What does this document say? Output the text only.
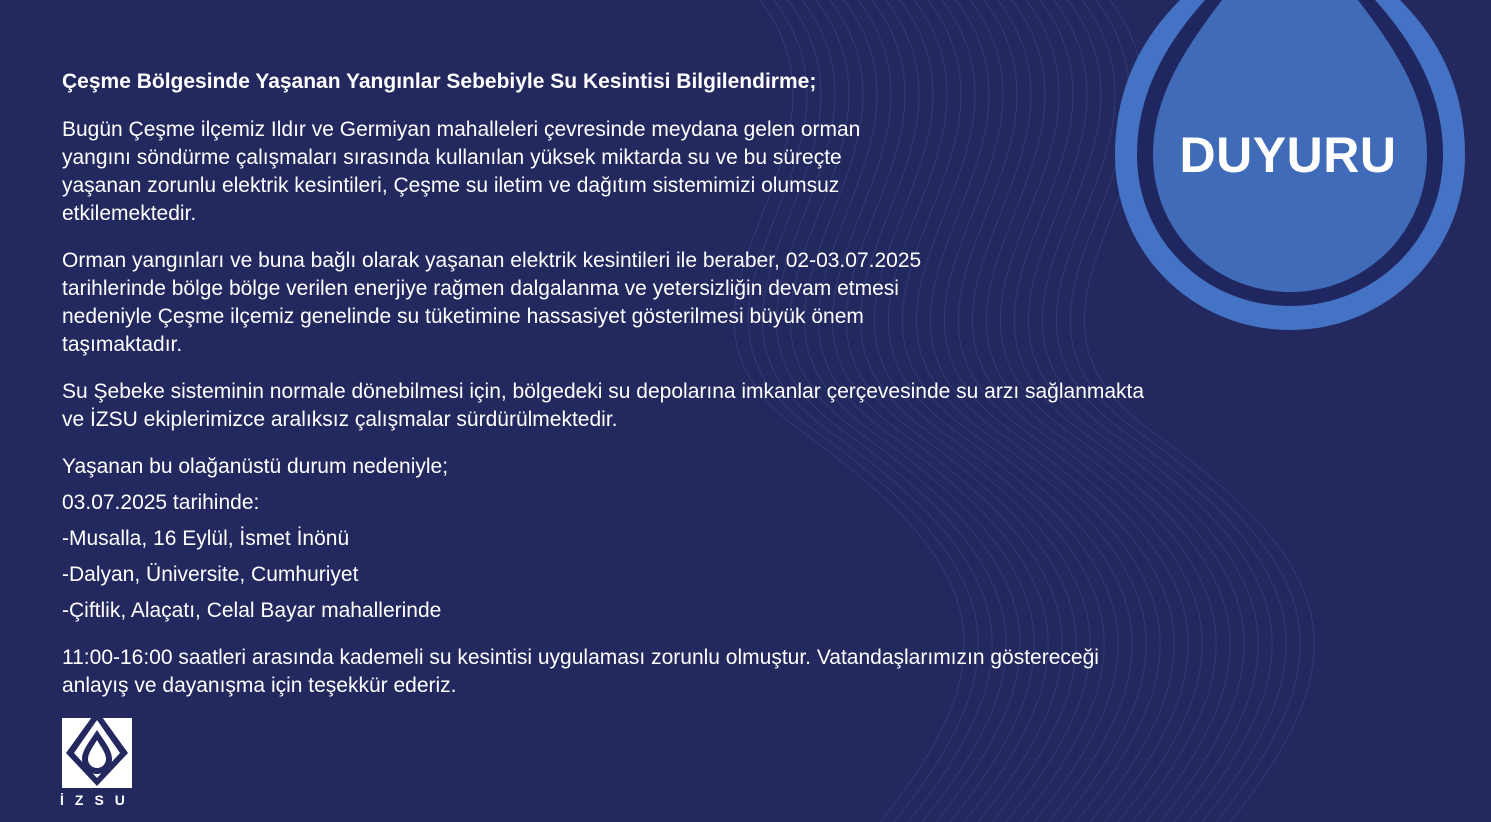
DUYURU
Çeşme Bölgesinde Yaşanan Yangınlar Sebebiyle Su Kesintisi Bilgilendirme;
Bugün Çeşme ilçemiz Ildır ve Germiyan mahalleleri çevresinde meydana gelen orman
yangını söndürme çalışmaları sırasında kullanılan yüksek miktarda su ve bu süreçte
yaşanan zorunlu elektrik kesintileri, Çeşme su iletim ve dağıtım sistemimizi olumsuz
etkilemektedir.
Orman yangınları ve buna bağlı olarak yaşanan elektrik kesintileri ile beraber, 02-03.07.2025
tarihlerinde bölge bölge verilen enerjiye rağmen dalgalanma ve yetersizliğin devam etmesi
nedeniyle Çeşme ilçemiz genelinde su tüketimine hassasiyet gösterilmesi büyük önem
taşımaktadır.
Su Şebeke sisteminin normale dönebilmesi için, bölgedeki su depolarına imkanlar çerçevesinde su arzı sağlanmakta
ve İZSU ekiplerimizce aralıksız çalışmalar sürdürülmektedir.
Yaşanan bu olağanüstü durum nedeniyle;
03.07.2025 tarihinde:
-Musalla, 16 Eylül, İsmet İnönü
-Dalyan, Üniversite, Cumhuriyet
-Çiftlik, Alaçatı, Celal Bayar mahallerinde
11:00-16:00 saatleri arasında kademeli su kesintisi uygulaması zorunlu olmuştur. Vatandaşlarımızın göstereceği
anlayış ve dayanışma için teşekkür ederiz.
İZSU
